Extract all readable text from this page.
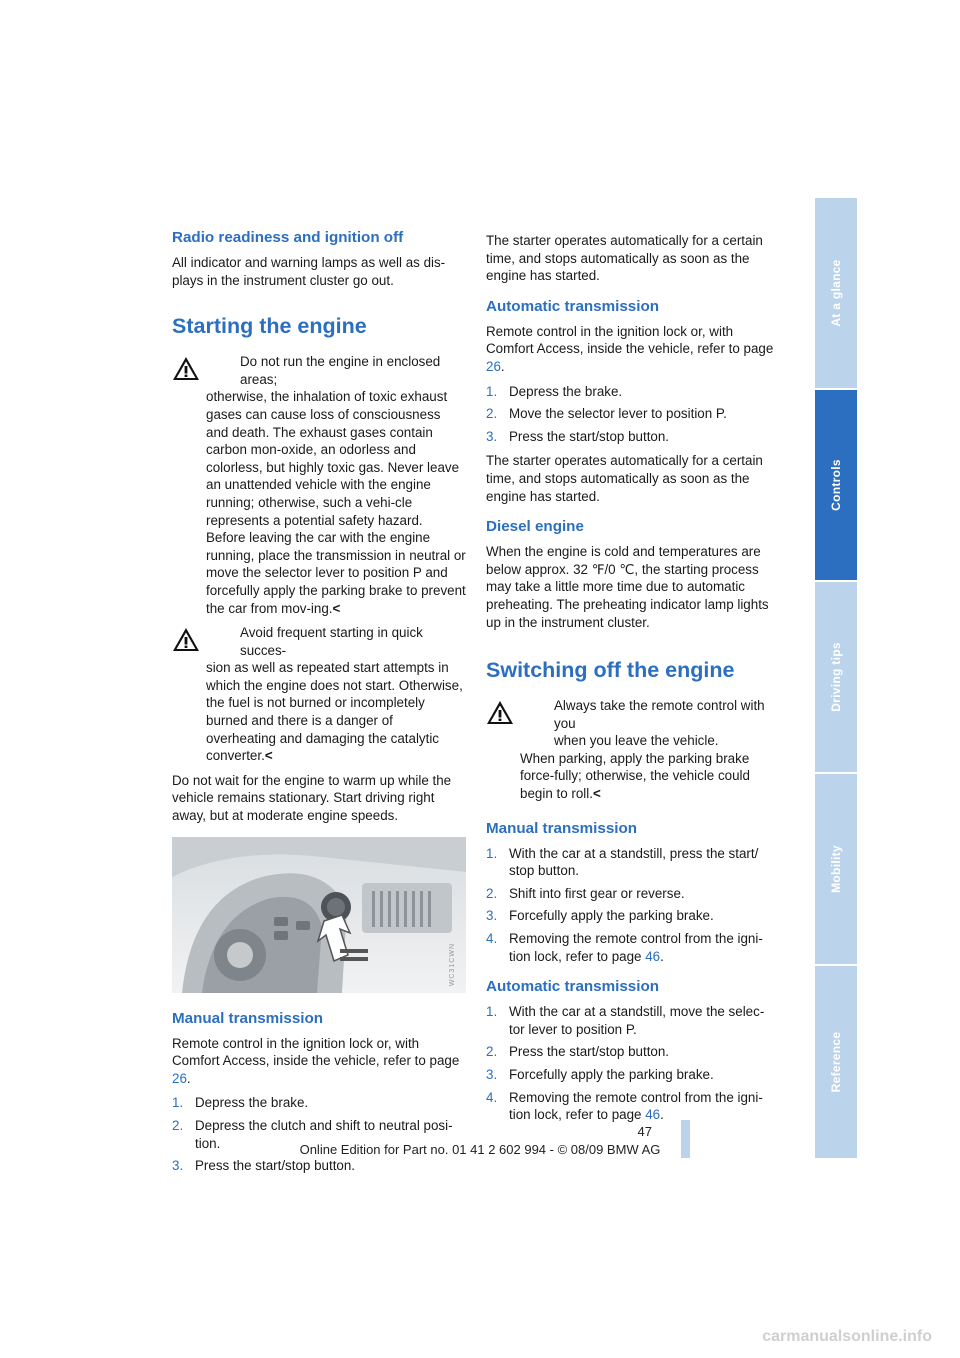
Radio readiness and ignition off

All indicator and warning lamps as well as dis-plays in the instrument cluster go out.

Starting the engine
Do not run the engine in enclosed areas;
otherwise, the inhalation of toxic exhaust gases can cause loss of consciousness and death. The exhaust gases contain carbon mon-oxide, an odorless and colorless, but highly toxic gas. Never leave an unattended vehicle with the engine running; otherwise, such a vehi-cle represents a potential safety hazard.
Before leaving the car with the engine running, place the transmission in neutral or move the selector lever to position P and forcefully apply the parking brake to prevent the car from mov-ing.<
Avoid frequent starting in quick succes-
sion as well as repeated start attempts in which the engine does not start. Otherwise, the fuel is not burned or incompletely burned and there is a danger of overheating and damaging the catalytic converter.<

Do not wait for the engine to warm up while the vehicle remains stationary. Start driving right away, but at moderate engine speeds.

WC31CWN
Manual transmission

Remote control in the ignition lock or, with Comfort Access, inside the vehicle, refer to page 26.

1. Depress the brake.
2. Depress the clutch and shift to neutral posi-tion.
3. Press the start/stop button.

The starter operates automatically for a certain time, and stops automatically as soon as the engine has started.

Automatic transmission

Remote control in the ignition lock or, with Comfort Access, inside the vehicle, refer to page 26.

1. Depress the brake.
2. Move the selector lever to position P.
3. Press the start/stop button.

The starter operates automatically for a certain time, and stops automatically as soon as the engine has started.

Diesel engine

When the engine is cold and temperatures are below approx. 32 ℉/0 ℃, the starting process may take a little more time due to automatic preheating. The preheating indicator lamp lights up in the instrument cluster.

Switching off the engine
Always take the remote control with you
when you leave the vehicle.
When parking, apply the parking brake force-fully; otherwise, the vehicle could begin to roll.<
Manual transmission
1. With the car at a standstill, press the start/ stop button.
2. Shift into first gear or reverse.
3. Forcefully apply the parking brake.
4. Removing the remote control from the igni-tion lock, refer to page 46.
Automatic transmission
1. With the car at a standstill, move the selec-tor lever to position P.
2. Press the start/stop button.
3. Forcefully apply the parking brake.
4. Removing the remote control from the igni-tion lock, refer to page 46.
At a glance
Controls
Driving tips
Mobility
Reference
47
Online Edition for Part no. 01 41 2 602 994 - © 08/09 BMW AG
carmanualsonline.info
